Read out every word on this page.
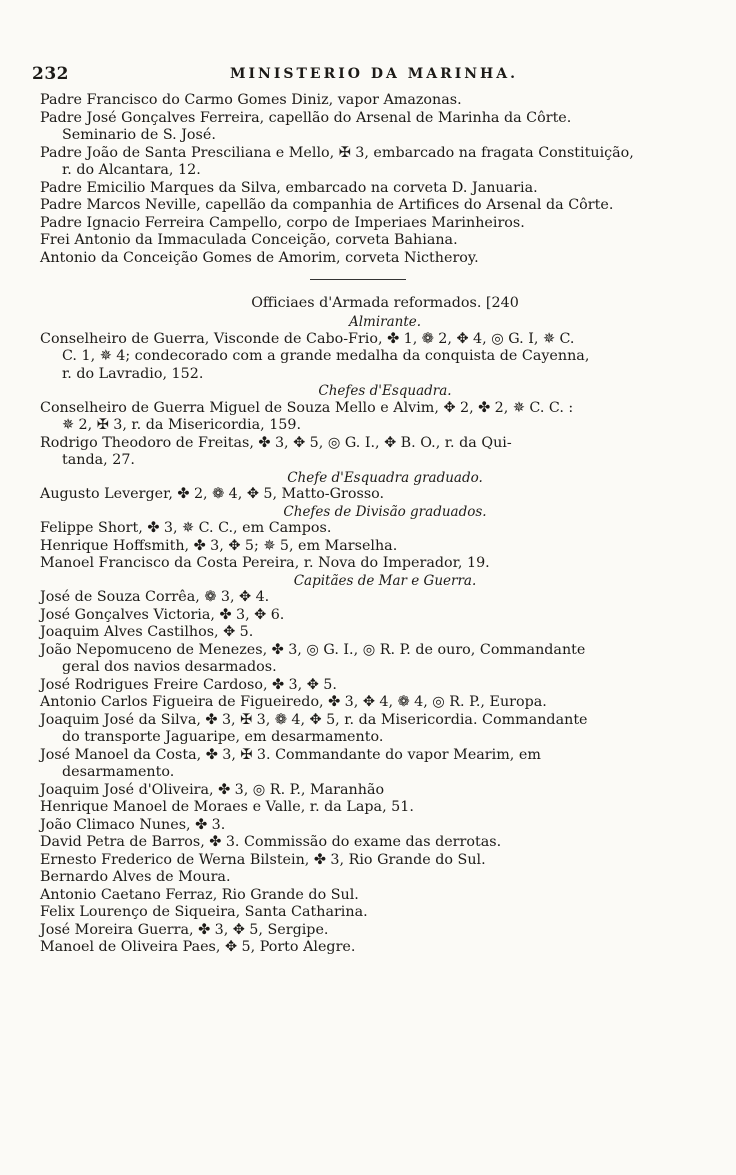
232	MINISTERIO DA MARINHA.
Padre Francisco do Carmo Gomes Diniz, vapor Amazonas.
Padre José Gonçalves Ferreira, capellão do Arsenal de Marinha da Côrte.
Seminario de S. José.
Padre João de Santa Presciliana e Mello, ✠ 3, embarcado na fragata Constituição,
r. do Alcantara, 12.
Padre Emicilio Marques da Silva, embarcado na corveta D. Januaria.
Padre Marcos Neville, capellão da companhia de Artifices do Arsenal da Côrte.
Padre Ignacio Ferreira Campello, corpo de Imperiaes Marinheiros.
Frei Antonio da Immaculada Conceição, corveta Bahiana.
Antonio da Conceição Gomes de Amorim, corveta Nictheroy.
Officiaes d'Armada reformados. [240
Almirante.
Conselheiro de Guerra, Visconde de Cabo-Frio, ✤ 1, ❁ 2, ✥ 4, ◎ G. I, ✵ C.
C. 1, ✵ 4; condecorado com a grande medalha da conquista de Cayenna,
r. do Lavradio, 152.
Chefes d'Esquadra.
Conselheiro de Guerra Miguel de Souza Mello e Alvim, ✥ 2, ✤ 2, ✵ C. C. :
✵ 2, ✠ 3, r. da Misericordia, 159.
Rodrigo Theodoro de Freitas, ✤ 3, ✥ 5, ◎ G. I., ✥ B. O., r. da Qui-
tanda, 27.
Chefe d'Esquadra graduado.
Augusto Leverger, ✤ 2, ❁ 4, ✥ 5, Matto-Grosso.
Chefes de Divisão graduados.
Felippe Short, ✤ 3, ✵ C. C., em Campos.
Henrique Hoffsmith, ✤ 3, ✥ 5; ✵ 5, em Marselha.
Manoel Francisco da Costa Pereira, r. Nova do Imperador, 19.
Capitães de Mar e Guerra.
José de Souza Corrêa, ❁ 3, ✥ 4.
José Gonçalves Victoria, ✤ 3, ✥ 6.
Joaquim Alves Castilhos, ✥ 5.
João Nepomuceno de Menezes, ✤ 3, ◎ G. I., ◎ R. P. de ouro, Commandante
geral dos navios desarmados.
José Rodrigues Freire Cardoso, ✤ 3, ✥ 5.
Antonio Carlos Figueira de Figueiredo, ✤ 3, ✥ 4, ❁ 4, ◎ R. P., Europa.
Joaquim José da Silva, ✤ 3, ✠ 3, ❁ 4, ✥ 5, r. da Misericordia. Commandante
do transporte Jaguaripe, em desarmamento.
José Manoel da Costa, ✤ 3, ✠ 3. Commandante do vapor Mearim, em
desarmamento.
Joaquim José d'Oliveira, ✤ 3, ◎ R. P., Maranhão
Henrique Manoel de Moraes e Valle, r. da Lapa, 51.
João Climaco Nunes, ✤ 3.
David Petra de Barros, ✤ 3. Commissão do exame das derrotas.
Ernesto Frederico de Werna Bilstein, ✤ 3, Rio Grande do Sul.
Bernardo Alves de Moura.
Antonio Caetano Ferraz, Rio Grande do Sul.
Felix Lourenço de Siqueira, Santa Catharina.
José Moreira Guerra, ✤ 3, ✥ 5, Sergipe.
Manoel de Oliveira Paes, ✥ 5, Porto Alegre.
